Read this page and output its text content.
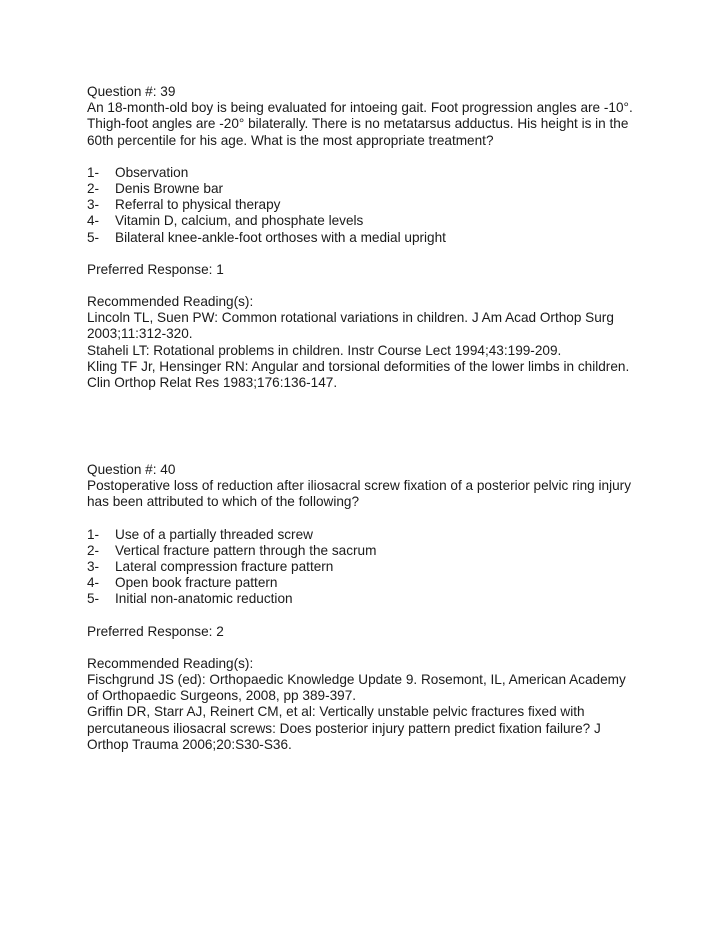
Question #: 39
An 18-month-old boy is being evaluated for intoeing gait. Foot progression angles are -10°.
Thigh-foot angles are -20° bilaterally. There is no metatarsus adductus. His height is in the
60th percentile for his age. What is the most appropriate treatment?
1-	Observation
2-	Denis Browne bar
3-	Referral to physical therapy
4-	Vitamin D, calcium, and phosphate levels
5-	Bilateral knee-ankle-foot orthoses with a medial upright
Preferred Response: 1
Recommended Reading(s):
Lincoln TL, Suen PW: Common rotational variations in children. J Am Acad Orthop Surg
2003;11:312-320.
Staheli LT: Rotational problems in children. Instr Course Lect 1994;43:199-209.
Kling TF Jr, Hensinger RN: Angular and torsional deformities of the lower limbs in children.
Clin Orthop Relat Res 1983;176:136-147.
Question #: 40
Postoperative loss of reduction after iliosacral screw fixation of a posterior pelvic ring injury
has been attributed to which of the following?
1-	Use of a partially threaded screw
2-	Vertical fracture pattern through the sacrum
3-	Lateral compression fracture pattern
4-	Open book fracture pattern
5-	Initial non-anatomic reduction
Preferred Response: 2
Recommended Reading(s):
Fischgrund JS (ed): Orthopaedic Knowledge Update 9. Rosemont, IL, American Academy
of Orthopaedic Surgeons, 2008, pp 389-397.
Griffin DR, Starr AJ, Reinert CM, et al: Vertically unstable pelvic fractures fixed with
percutaneous iliosacral screws: Does posterior injury pattern predict fixation failure? J
Orthop Trauma 2006;20:S30-S36.
